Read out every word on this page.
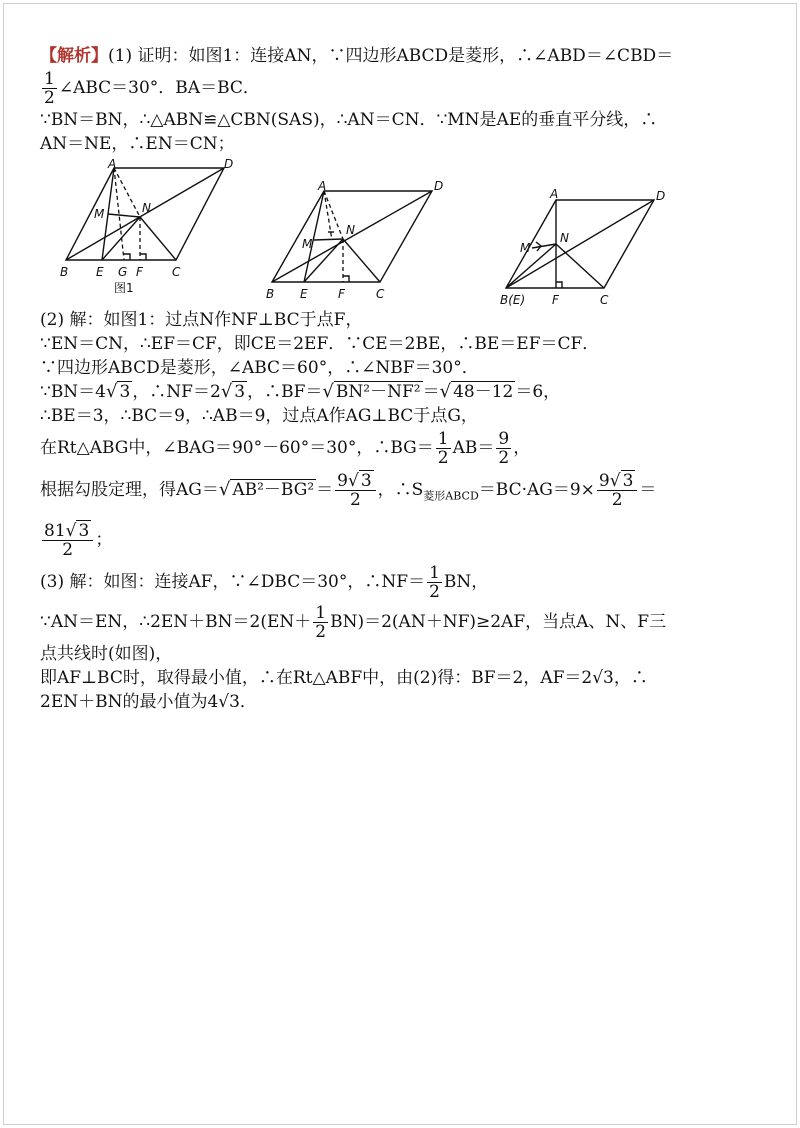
【解析】(1) 证明：如图1：连接AN，∵四边形ABCD是菱形，∴∠ABD＝∠CBD＝
$\frac{1}{2}$ ∠ABC＝30°．BA＝BC．
∵BN＝BN，∴△ABN≌△CBN(SAS)，∴AN＝CN．∵MN是AE的垂直平分线，∴
AN＝NE，∴EN＝CN；
A	D
M	N
B E G F C
图1
A	D
M
N
B E	F	C
A	D
M
N
B(E) F	C
(2) 解：如图1：过点N作NF⊥BC于点F，
∵EN＝CN，∴EF＝CF，即CE＝2EF．∵CE＝2BE，∴BE＝EF＝CF．
∵四边形ABCD是菱形，∠ABC＝60°，∴∠NBF＝30°．
∵BN＝4√ 3 ，∴NF＝2√ 3 ，∴BF＝√ BN²－NF² ＝√ 48－12 ＝6，
∴BE＝3，∴BC＝9，∴AB＝9，过点A作AG⊥BC于点G，
在Rt△ABG中，∠BAG＝90°－60°＝30°，∴BG＝ $\frac{1}{2} AB= \frac{9}{2}$ ，
根据勾股定理，得AG＝√ $AB^2-BG^2 = \frac{9√ 3}{2}$ ，$\therefore S_{菱形ABCD}=BC\cdot AG=9\times \frac{9√ 3}{2}$ ＝
$\frac{81√ 3}{2}$ ；
(3) 解：如图：连接AF，∵∠DBC＝30°，∴NF＝ $\frac{1}{2}$ BN，
∵AN＝EN，∴2EN＋BN＝2(EN＋ $\frac{1}{2} BN)=2(AN+NF)\ge 2AF$，当点A、N、F三
点共线时(如图)，
即AF⊥BC时，取得最小值，∴在Rt△ABF中，由(2)得：BF＝2，AF＝2√3，∴
2EN＋BN的最小值为4√3．
